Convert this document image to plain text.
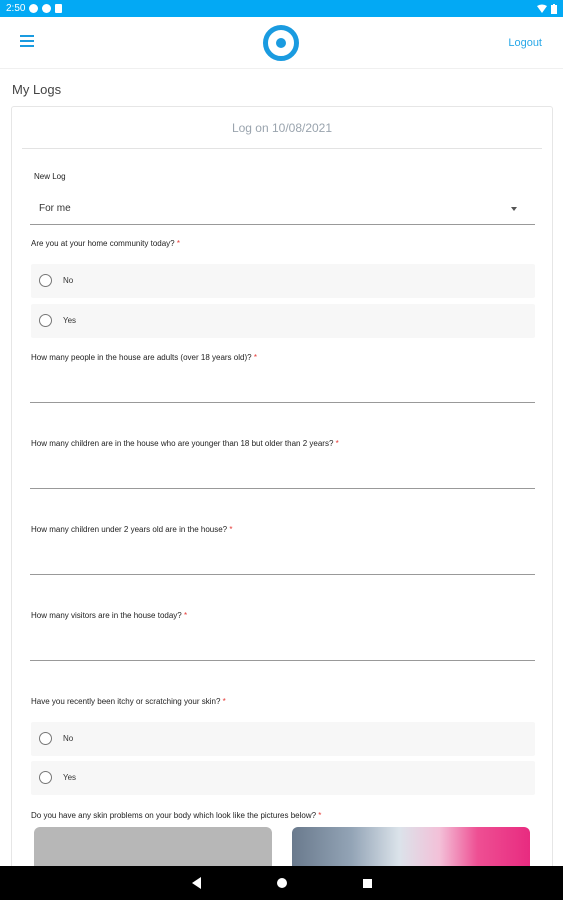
2:50
Logout
My Logs
Log on 10/08/2021
New Log
For me
Are you at your home community today? *
No
Yes
How many people in the house are adults (over 18 years old)? *
How many children are in the house who are younger than 18 but older than 2 years? *
How many children under 2 years old are in the house? *
How many visitors are in the house today? *
Have you recently been itchy or scratching your skin? *
No
Yes
Do you have any skin problems on your body which look like the pictures below? *
